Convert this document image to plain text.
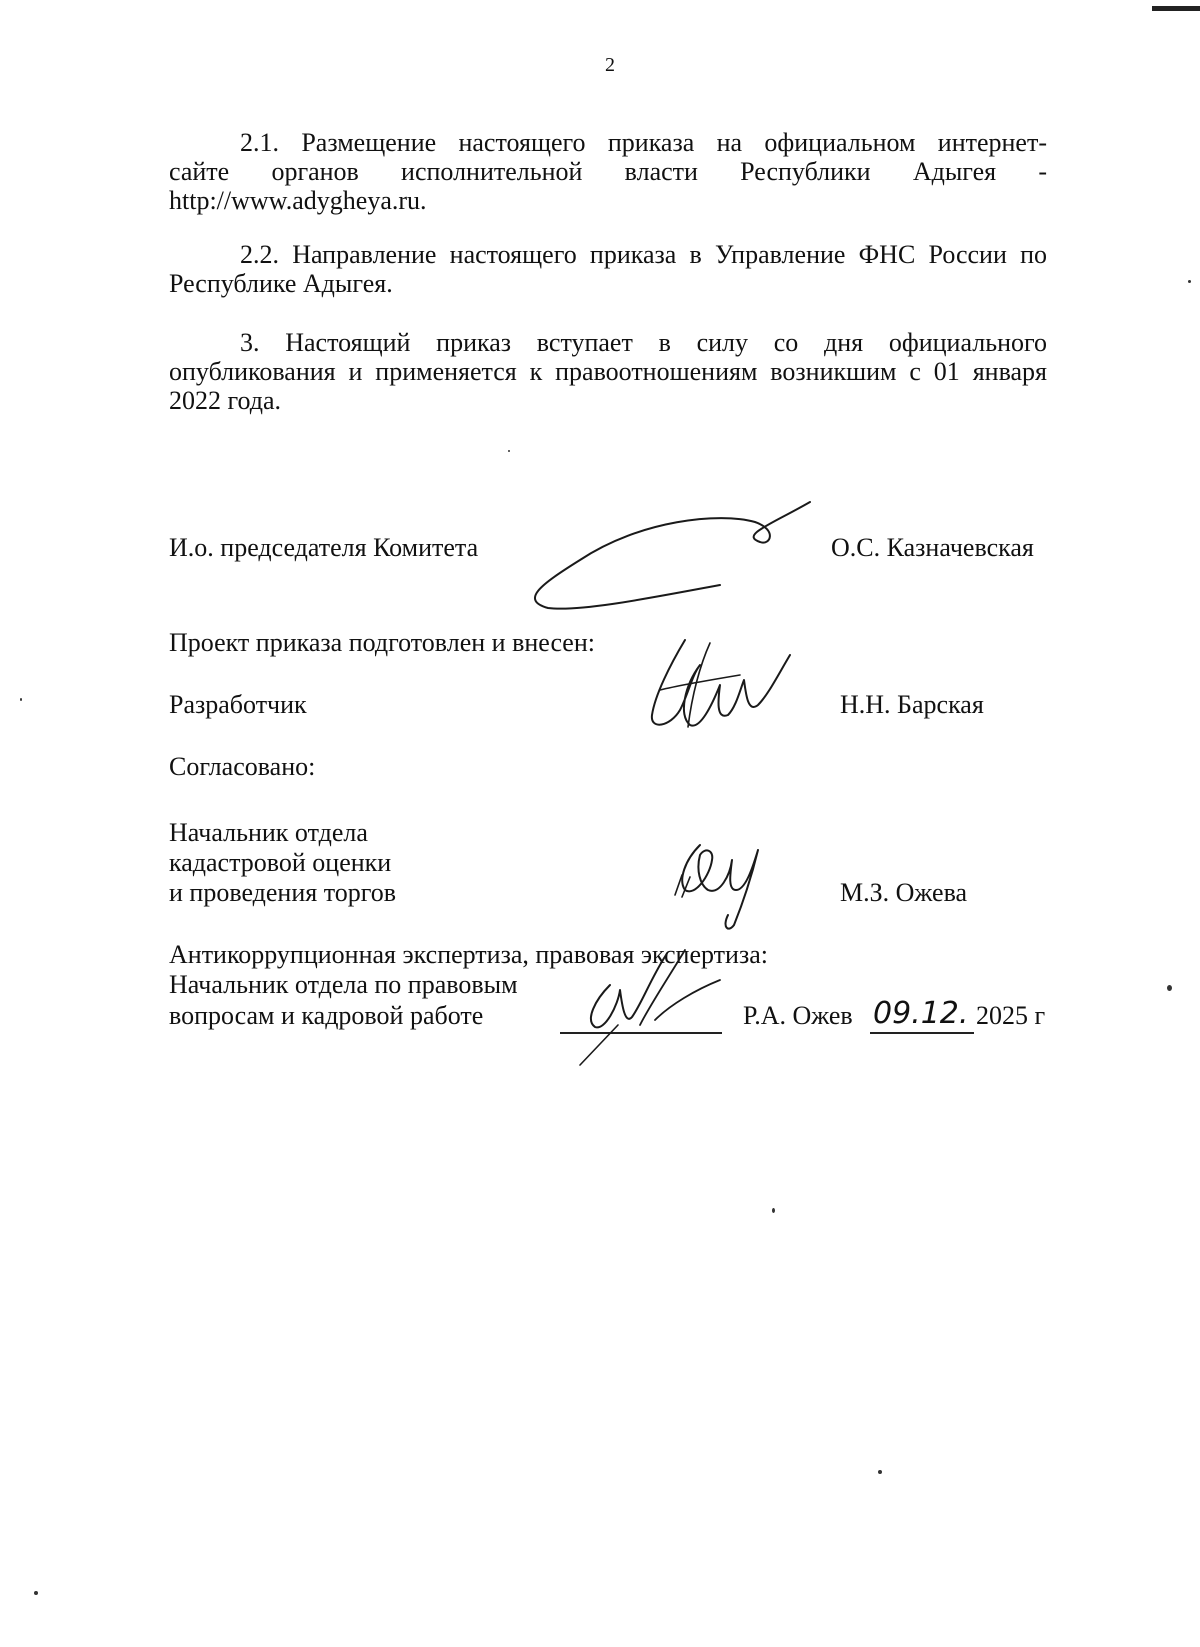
2
2.1. Размещение настоящего приказа на официальном интернет-
сайте органов исполнительной власти Республики Адыгея -
http://www.adygheya.ru.
2.2. Направление настоящего приказа в Управление ФНС России по
Республике Адыгея.
3. Настоящий приказ вступает в силу со дня официального
опубликования и применяется к правоотношениям возникшим с 01 января
2022 года.
И.о. председателя Комитета	О.С. Казначевская
Проект приказа подготовлен и внесен:
Разработчик	Н.Н. Барская
Согласовано:
Начальник отдела
кадастровой оценки
и проведения торгов	М.З. Ожева
Антикоррупционная экспертиза, правовая экспертиза:
Начальник отдела по правовым
вопросам и кадровой работе	Р.А. Ожев 09.12. 2025 г
